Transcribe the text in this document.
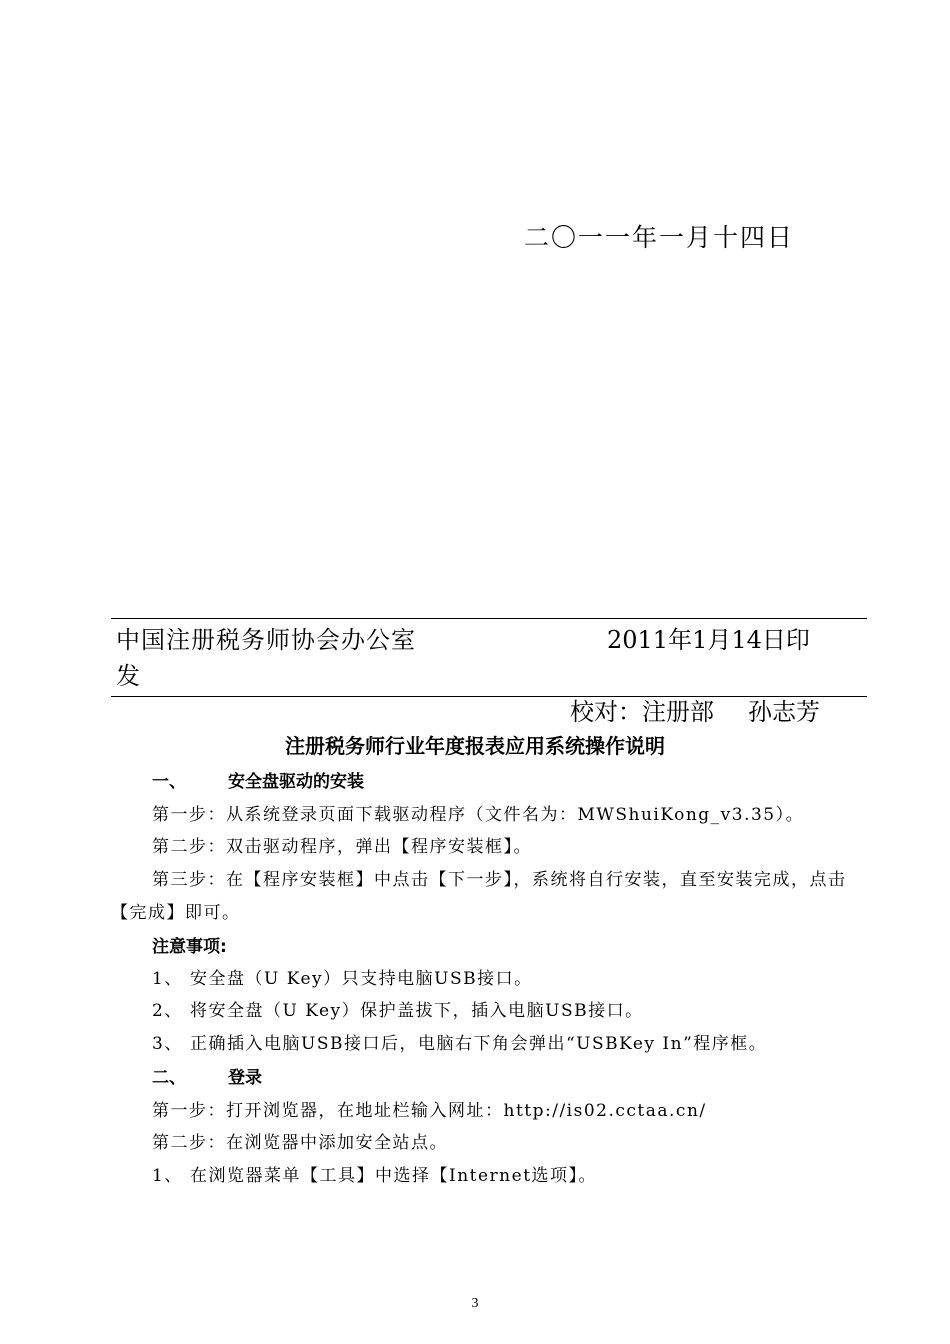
二〇一一年一月十四日
中国注册税务师协会办公室	2011年1月14日印
发
校对：注册部 孙志芳
注册税务师行业年度报表应用系统操作说明
一、 安全盘驱动的安装
第一步：从系统登录页面下载驱动程序（文件名为：MWShuiKong_v3.35）。
第二步：双击驱动程序，弹出【程序安装框】。
第三步：在【程序安装框】中点击【下一步】，系统将自行安装，直至安装完成，点击
【完成】即可。
注意事项:
1、 安全盘（U Key）只支持电脑USB接口。
2、 将安全盘（U Key）保护盖拔下，插入电脑USB接口。
3、 正确插入电脑USB接口后，电脑右下角会弹出“USBKey In”程序框。
二、 登录
第一步：打开浏览器，在地址栏输入网址：http://is02.cctaa.cn/
第二步：在浏览器中添加安全站点。
1、 在浏览器菜单【工具】中选择【Internet选项】。
3
